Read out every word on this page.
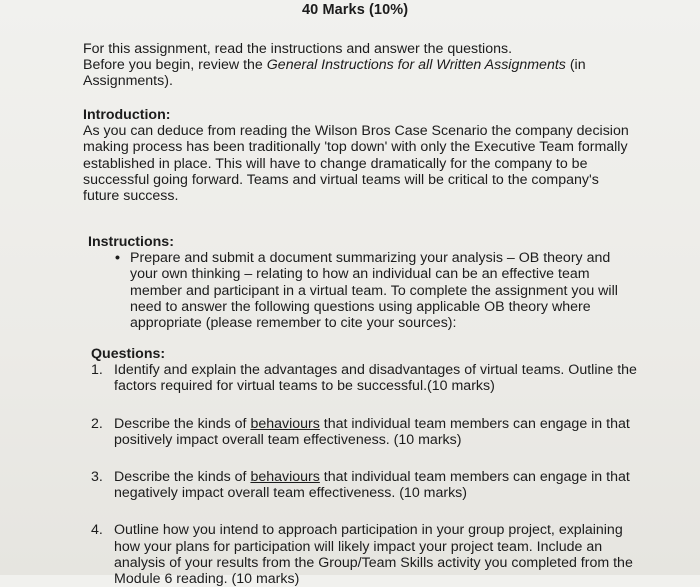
40 Marks (10%)
For this assignment, read the instructions and answer the questions.
Before you begin, review the General Instructions for all Written Assignments (in
Assignments).
Introduction:
As you can deduce from reading the Wilson Bros Case Scenario the company decision
making process has been traditionally 'top down' with only the Executive Team formally
established in place. This will have to change dramatically for the company to be
successful going forward. Teams and virtual teams will be critical to the company's
future success.
Instructions:
• Prepare and submit a document summarizing your analysis – OB theory and
your own thinking – relating to how an individual can be an effective team
member and participant in a virtual team. To complete the assignment you will
need to answer the following questions using applicable OB theory where
appropriate (please remember to cite your sources):
Questions:
1. Identify and explain the advantages and disadvantages of virtual teams. Outline the
factors required for virtual teams to be successful.(10 marks)
2. Describe the kinds of behaviours that individual team members can engage in that
positively impact overall team effectiveness. (10 marks)
3. Describe the kinds of behaviours that individual team members can engage in that
negatively impact overall team effectiveness. (10 marks)
4. Outline how you intend to approach participation in your group project, explaining
how your plans for participation will likely impact your project team. Include an
analysis of your results from the Group/Team Skills activity you completed from the
Module 6 reading. (10 marks)
